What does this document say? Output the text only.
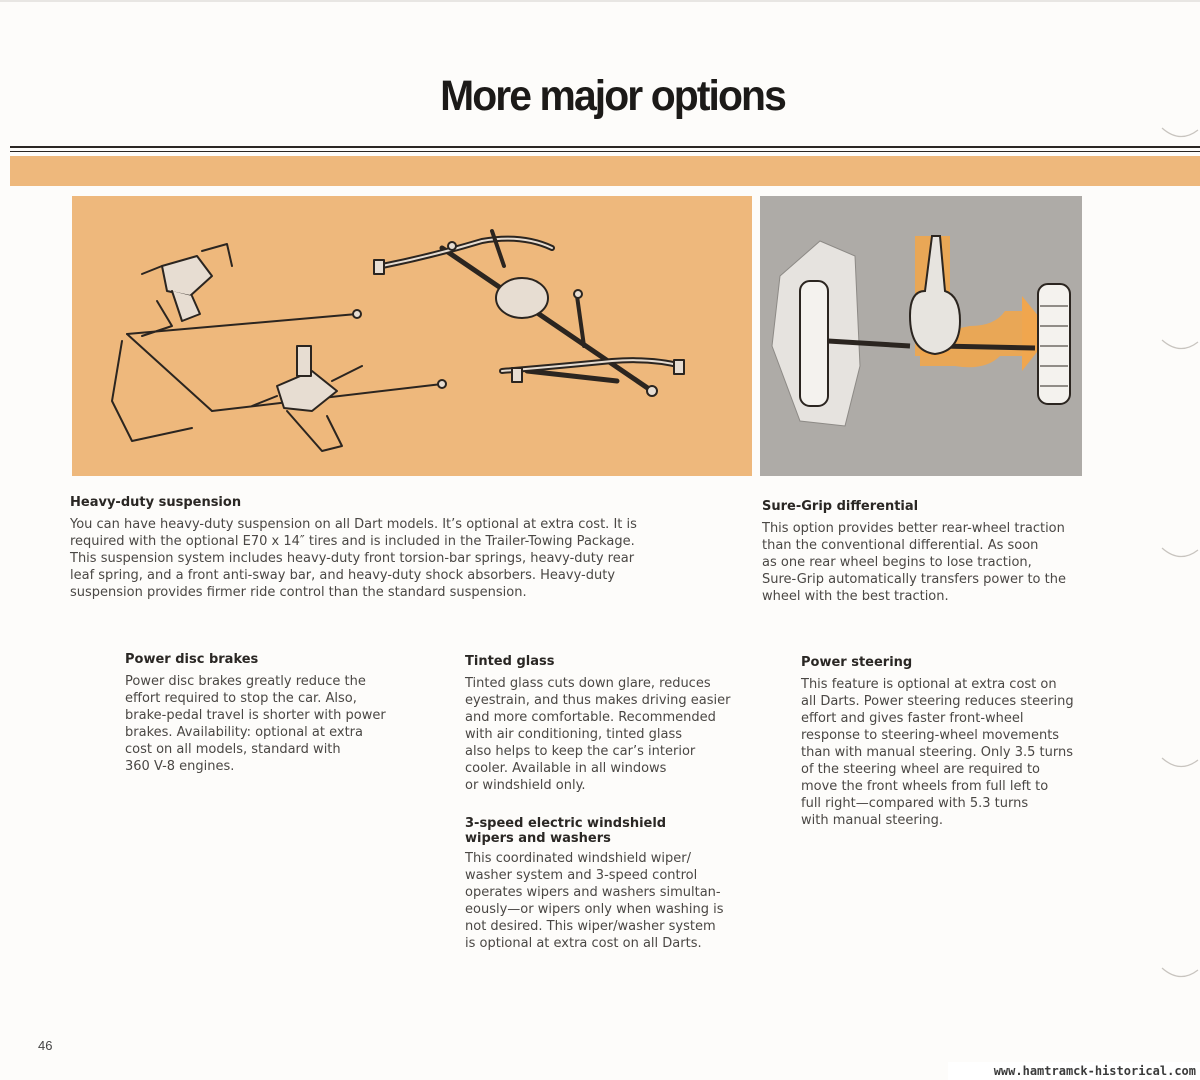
More major options
Heavy-duty suspension

You can have heavy-duty suspension on all Dart models. It’s optional at extra cost. It is

required with the optional E70 x 14″ tires and is included in the Trailer-Towing Package.

This suspension system includes heavy-duty front torsion-bar springs, heavy-duty rear

leaf spring, and a front anti-sway bar, and heavy-duty shock absorbers. Heavy-duty

suspension provides firmer ride control than the standard suspension.

Sure-Grip differential

This option provides better rear-wheel traction

than the conventional differential. As soon

as one rear wheel begins to lose traction,

Sure-Grip automatically transfers power to the

wheel with the best traction.

Power disc brakes

Power disc brakes greatly reduce the

effort required to stop the car. Also,

brake-pedal travel is shorter with power

brakes. Availability: optional at extra

cost on all models, standard with

360 V-8 engines.

Tinted glass

Tinted glass cuts down glare, reduces

eyestrain, and thus makes driving easier

and more comfortable. Recommended

with air conditioning, tinted glass

also helps to keep the car’s interior

cooler. Available in all windows

or windshield only.

3-speed electric windshield
wipers and washers

This coordinated windshield wiper/

washer system and 3-speed control

operates wipers and washers simultan-

eously—or wipers only when washing is

not desired. This wiper/washer system

is optional at extra cost on all Darts.

Power steering

This feature is optional at extra cost on

all Darts. Power steering reduces steering

effort and gives faster front-wheel

response to steering-wheel movements

than with manual steering. Only 3.5 turns

of the steering wheel are required to

move the front wheels from full left to

full right—compared with 5.3 turns

with manual steering.

46
www.hamtramck-historical.com
